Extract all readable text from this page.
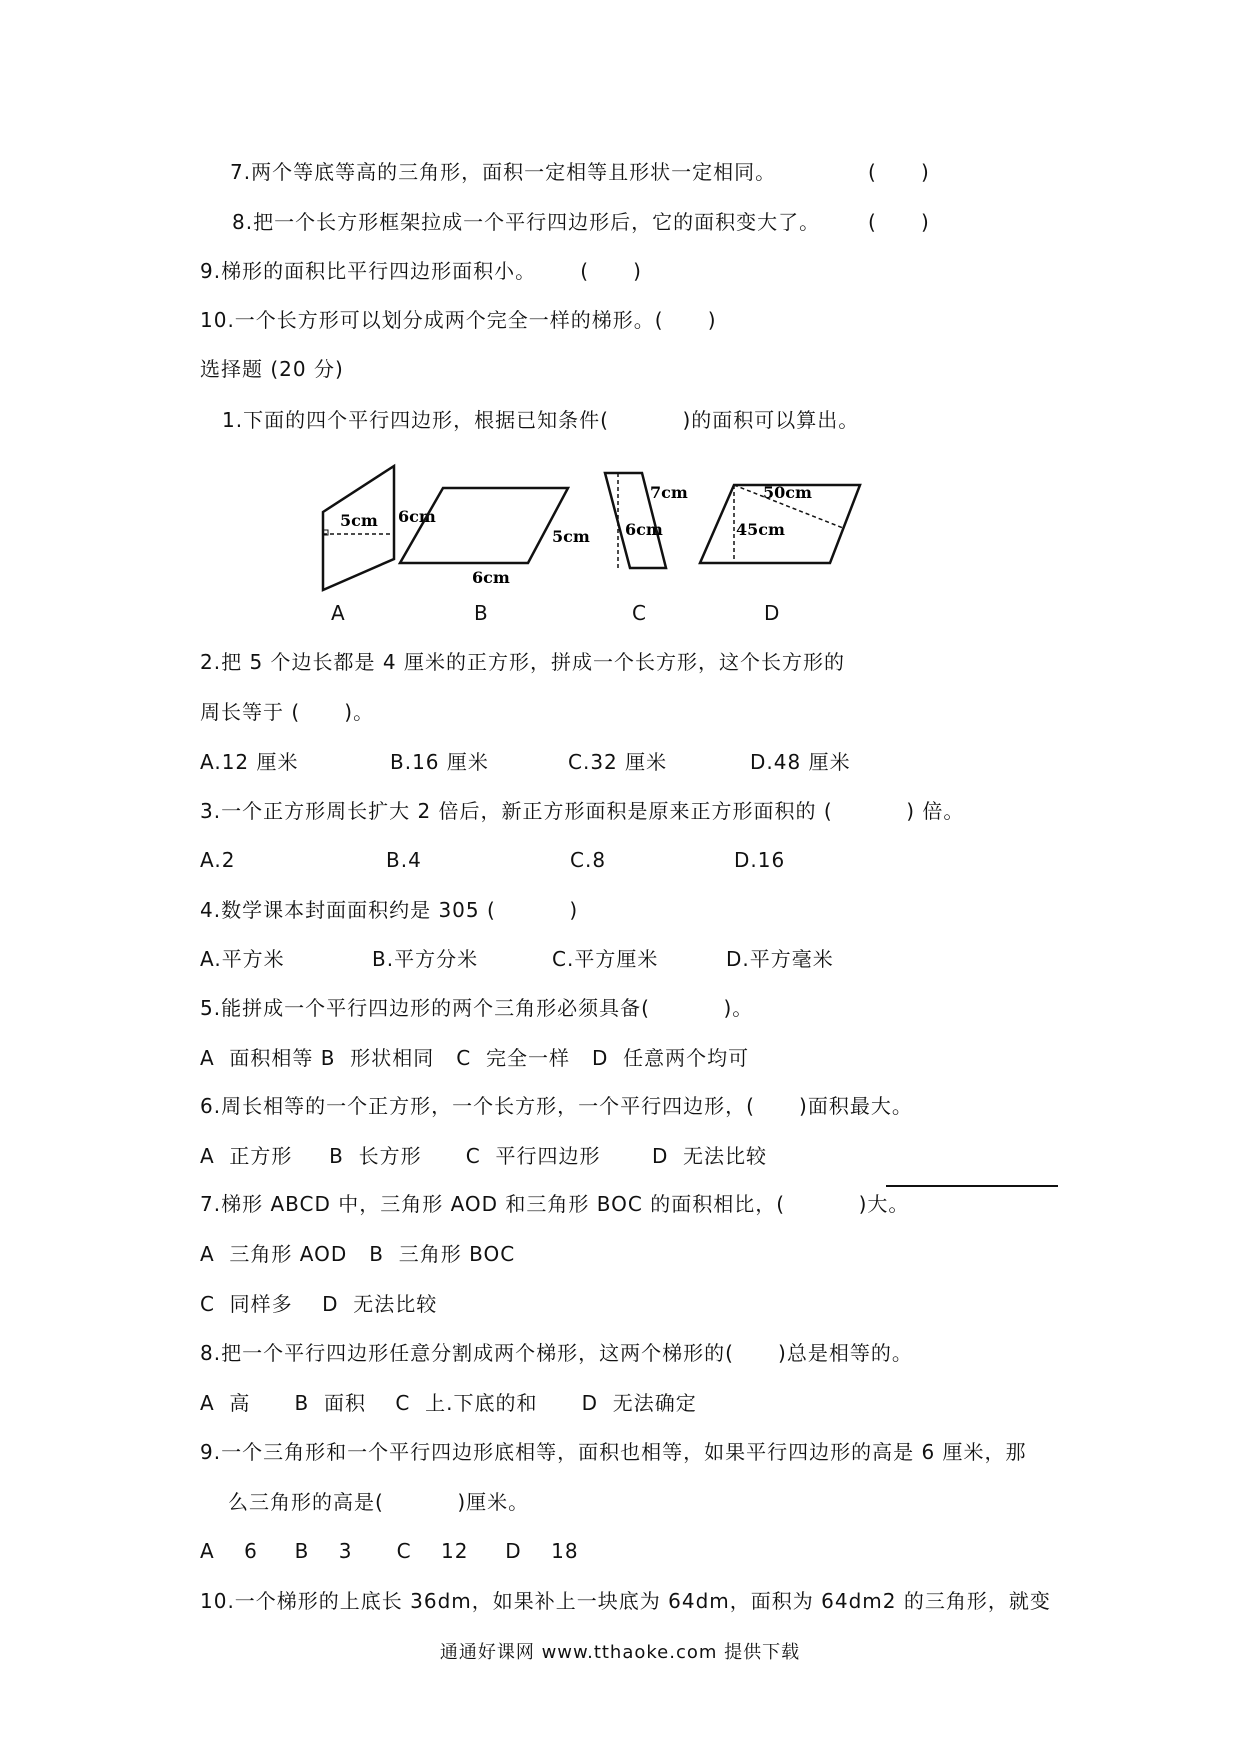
7.两个等底等高的三角形，面积一定相等且形状一定相同。	(      )
8.把一个长方形框架拉成一个平行四边形后，它的面积变大了。 (      )
9.梯形的面积比平行四边形面积小。      (      )
10.一个长方形可以划分成两个完全一样的梯形。(      )
选择题 (20 分)
1.下面的四个平行四边形，根据已知条件(          )的面积可以算出。
5cm 6cm
5cm
6cm
6cm
7cm	50cm
45cm
A	B	C	D
2.把 5 个边长都是 4 厘米的正方形，拼成一个长方形，这个长方形的
周长等于 (      )。
A.12 厘米	B.16 厘米	C.32 厘米	D.48 厘米
3.一个正方形周长扩大 2 倍后，新正方形面积是原来正方形面积的 (          ) 倍。
A.2	B.4	C.8	D.16
4.数学课本封面面积约是 305 (          )
A.平方米	B.平方分米	C.平方厘米	D.平方毫米
5.能拼成一个平行四边形的两个三角形必须具备(          )。
A  面积相等 B  形状相同   C  完全一样   D  任意两个均可
6.周长相等的一个正方形，一个长方形，一个平行四边形，(      )面积最大。
A  正方形     B  长方形      C  平行四边形       D  无法比较
7.梯形 ABCD 中，三角形 AOD 和三角形 BOC 的面积相比，(          )大。
A  三角形 AOD   B  三角形 BOC
C  同样多    D  无法比较
8.把一个平行四边形任意分割成两个梯形，这两个梯形的(      )总是相等的。
A  高      B  面积    C  上.下底的和      D  无法确定
9.一个三角形和一个平行四边形底相等，面积也相等，如果平行四边形的高是 6 厘米，那
么三角形的高是(          )厘米。
A    6     B    3      C    12     D    18
10.一个梯形的上底长 36dm，如果补上一块底为 64dm，面积为 64dm2 的三角形，就变
通通好课网 www.tthaoke.com 提供下载
